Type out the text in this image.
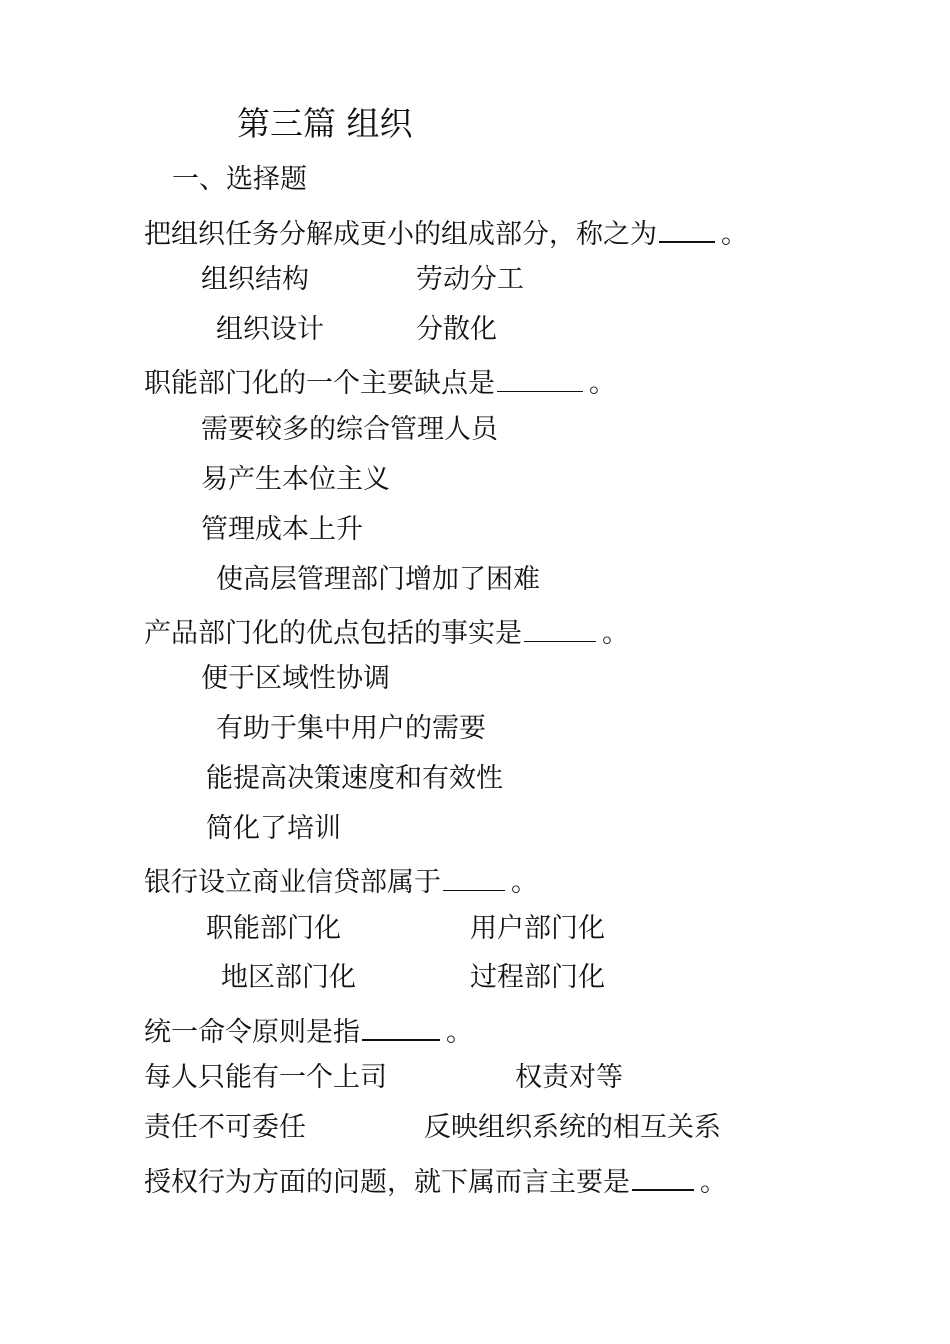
第三篇 组织
一、选择题
把组织任务分解成更小的组成部分，称之为 。
组织结构	劳动分工
组织设计	分散化
职能部门化的一个主要缺点是	。
需要较多的综合管理人员
易产生本位主义
管理成本上升
使高层管理部门增加了困难
产品部门化的优点包括的事实是	。
便于区域性协调
有助于集中用户的需要
能提高决策速度和有效性
简化了培训
银行设立商业信贷部属于	。
职能部门化	用户部门化
地区部门化	过程部门化
统一命令原则是指	。
每人只能有一个上司	权责对等
责任不可委任	反映组织系统的相互关系
授权行为方面的问题，就下属而言主要是	。
